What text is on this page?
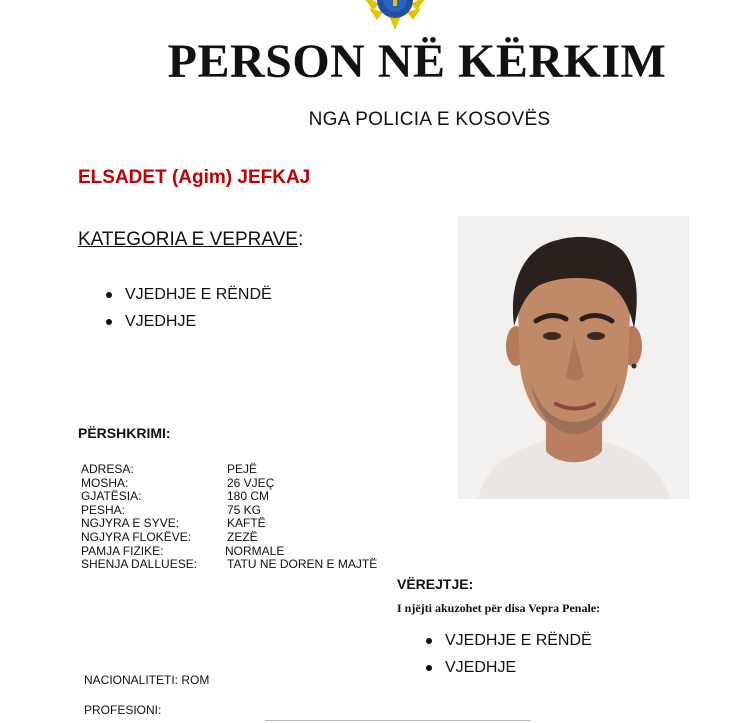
PERSON NË KËRKIM
NGA POLICIA E KOSOVËS
ELSADET (Agim) JEFKAJ
KATEGORIA E VEPRAVE:
VJEDHJE E RËNDË
VJEDHJE
PËRSHKRIMI:
ADRESA:	PEJË
MOSHA:	26 VJEÇ
GJATËSIA:	180 CM
PESHA:	75 KG
NGJYRA E SYVE:	KAFTË
NGJYRA FLOKËVE:	ZEZË
PAMJA FIZIKE:	NORMALE
SHENJA DALLUESE: TATU NE DOREN E MAJTË
VËREJTJE:
I njëjti akuzohet për disa Vepra Penale:
VJEDHJE E RËNDË
VJEDHJE
NACIONALITETI: ROM
PROFESIONI:
